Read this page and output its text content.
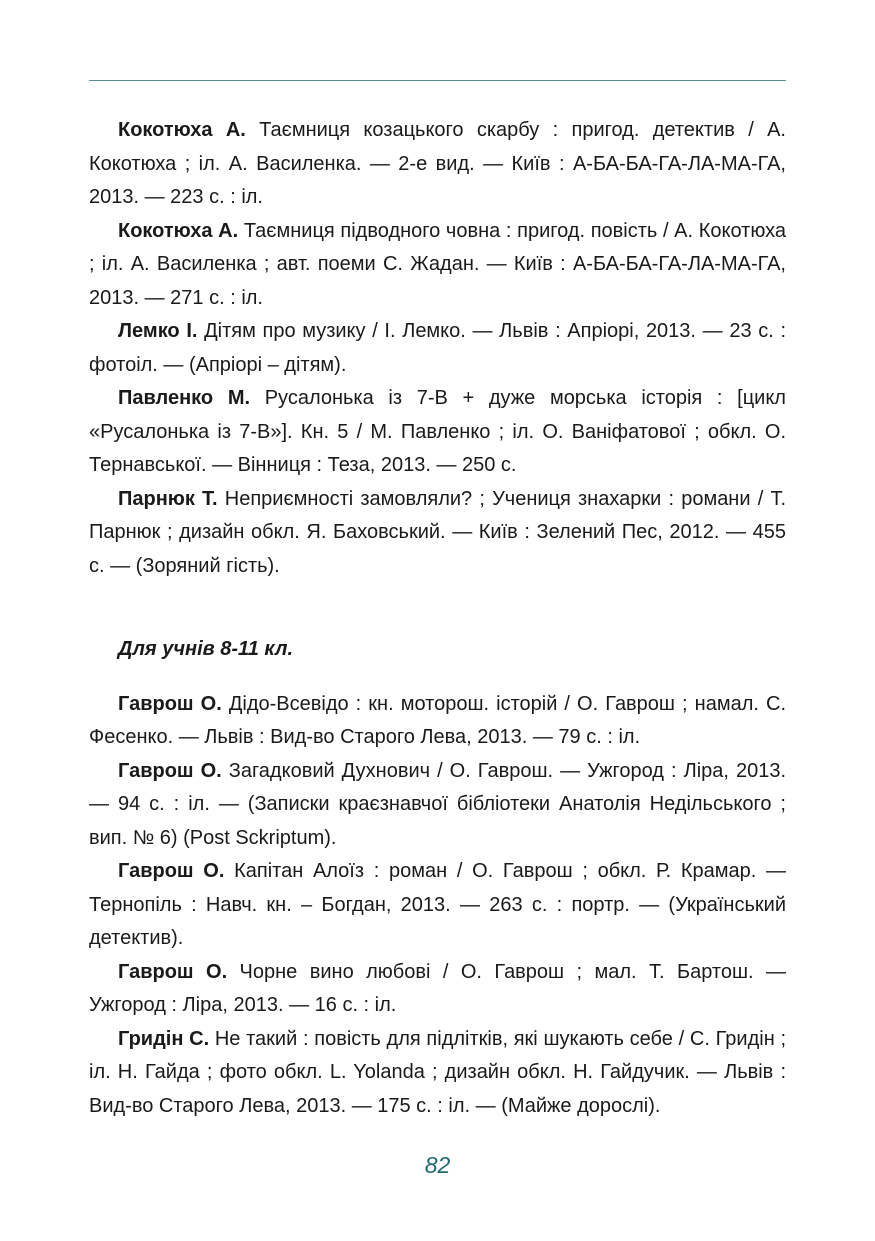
Кокотюха А. Таємниця козацького скарбу : пригод. детектив / А. Кокотюха ; іл. А. Василенка. — 2-е вид. — Київ : А-БА-БА-ГА-ЛА-МА-ГА, 2013. — 223 с. : іл.

Кокотюха А. Таємниця підводного човна : пригод. повість / А. Кокотюха ; іл. А. Василенка ; авт. поеми С. Жадан. — Київ : А-БА-БА-ГА-ЛА-МА-ГА, 2013. — 271 с. : іл.

Лемко І. Дітям про музику / І. Лемко. — Львів : Апріорі, 2013. — 23 с. : фотоіл. — (Апріорі – дітям).

Павленко М. Русалонька із 7-В + дуже морська історія : [цикл «Русалонька із 7-В»]. Кн. 5 / М. Павленко ; іл. О. Ваніфатової ; обкл. О. Тернавської. — Вінниця : Теза, 2013. — 250 с.

Парнюк Т. Неприємності замовляли? ; Учениця знахарки : романи / Т. Парнюк ; дизайн обкл. Я. Баховський. — Київ : Зелений Пес, 2012. — 455 с. — (Зоряний гість).

Для учнів 8-11 кл.

Гаврош О. Дідо-Всевідо : кн. моторош. історій / О. Гаврош ; намал. С. Фесенко. — Львів : Вид-во Старого Лева, 2013. — 79 с. : іл.

Гаврош О. Загадковий Духнович / О. Гаврош. — Ужгород : Ліра, 2013. — 94 с. : іл. — (Записки краєзнавчої бібліотеки Анатолія Недільського ; вип. № 6) (Post Sckriptum).

Гаврош О. Капітан Алоїз : роман / О. Гаврош ; обкл. Р. Крамар. — Тернопіль : Навч. кн. – Богдан, 2013. — 263 с. : портр. — (Український детектив).

Гаврош О. Чорне вино любові / О. Гаврош ; мал. Т. Бартош. — Ужгород : Ліра, 2013. — 16 с. : іл.

Гридін С. Не такий : повість для підлітків, які шукають себе / С. Гридін ; іл. Н. Гайда ; фото обкл. L. Yolanda ; дизайн обкл. Н. Гайдучик. — Львів : Вид-во Старого Лева, 2013. — 175 с. : іл. — (Майже дорослі).

82
